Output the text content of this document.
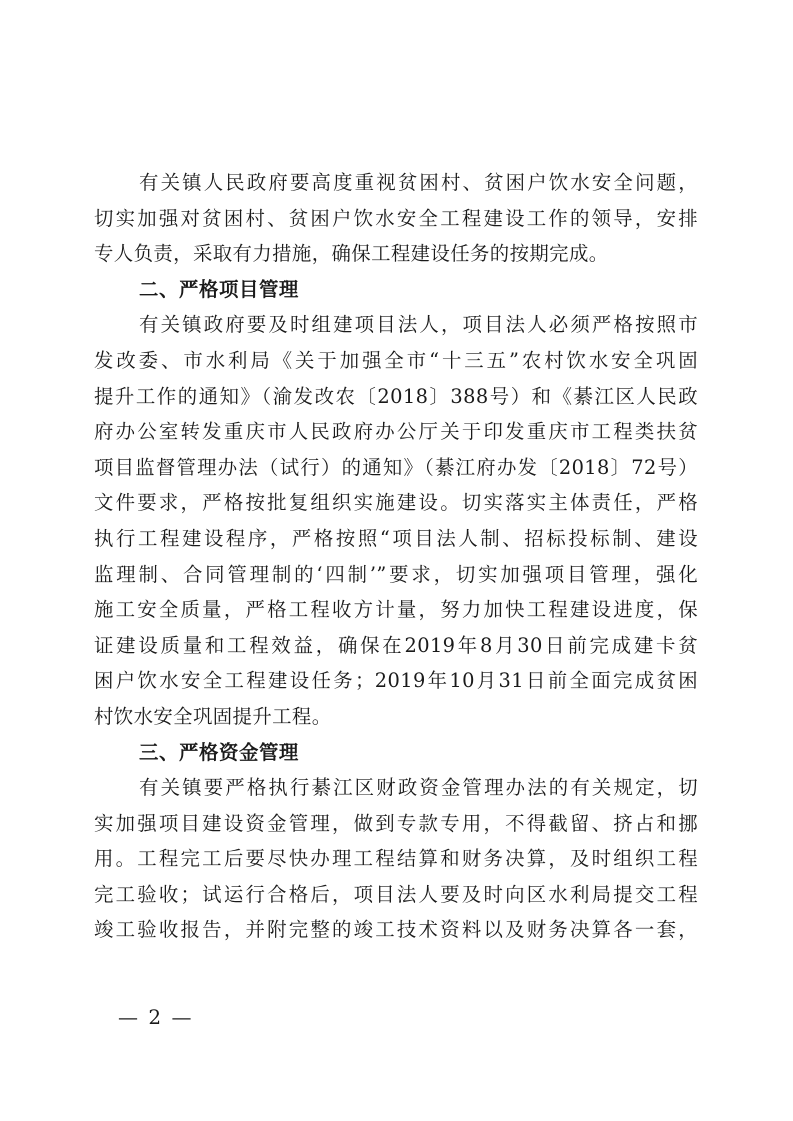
有关镇人民政府要高度重视贫困村、贫困户饮水安全问题，
切实加强对贫困村、贫困户饮水安全工程建设工作的领导，安排
专人负责，采取有力措施，确保工程建设任务的按期完成。
二、严格项目管理
有关镇政府要及时组建项目法人，项目法人必须严格按照市
发改委、市水利局《关于加强全市“十三五”农村饮水安全巩固
提升工作的通知》（渝发改农〔2018〕388号）和《綦江区人民政
府办公室转发重庆市人民政府办公厅关于印发重庆市工程类扶贫
项目监督管理办法（试行）的通知》（綦江府办发〔2018〕72号）
文件要求，严格按批复组织实施建设。切实落实主体责任，严格
执行工程建设程序，严格按照“项目法人制、招标投标制、建设
监理制、合同管理制的‘四制’”要求，切实加强项目管理，强化
施工安全质量，严格工程收方计量，努力加快工程建设进度，保
证建设质量和工程效益，确保在2019年8月30日前完成建卡贫
困户饮水安全工程建设任务；2019年10月31日前全面完成贫困
村饮水安全巩固提升工程。
三、严格资金管理
有关镇要严格执行綦江区财政资金管理办法的有关规定，切
实加强项目建设资金管理，做到专款专用，不得截留、挤占和挪
用。工程完工后要尽快办理工程结算和财务决算，及时组织工程
完工验收；试运行合格后，项目法人要及时向区水利局提交工程
竣工验收报告，并附完整的竣工技术资料以及财务决算各一套，
— 2 —
